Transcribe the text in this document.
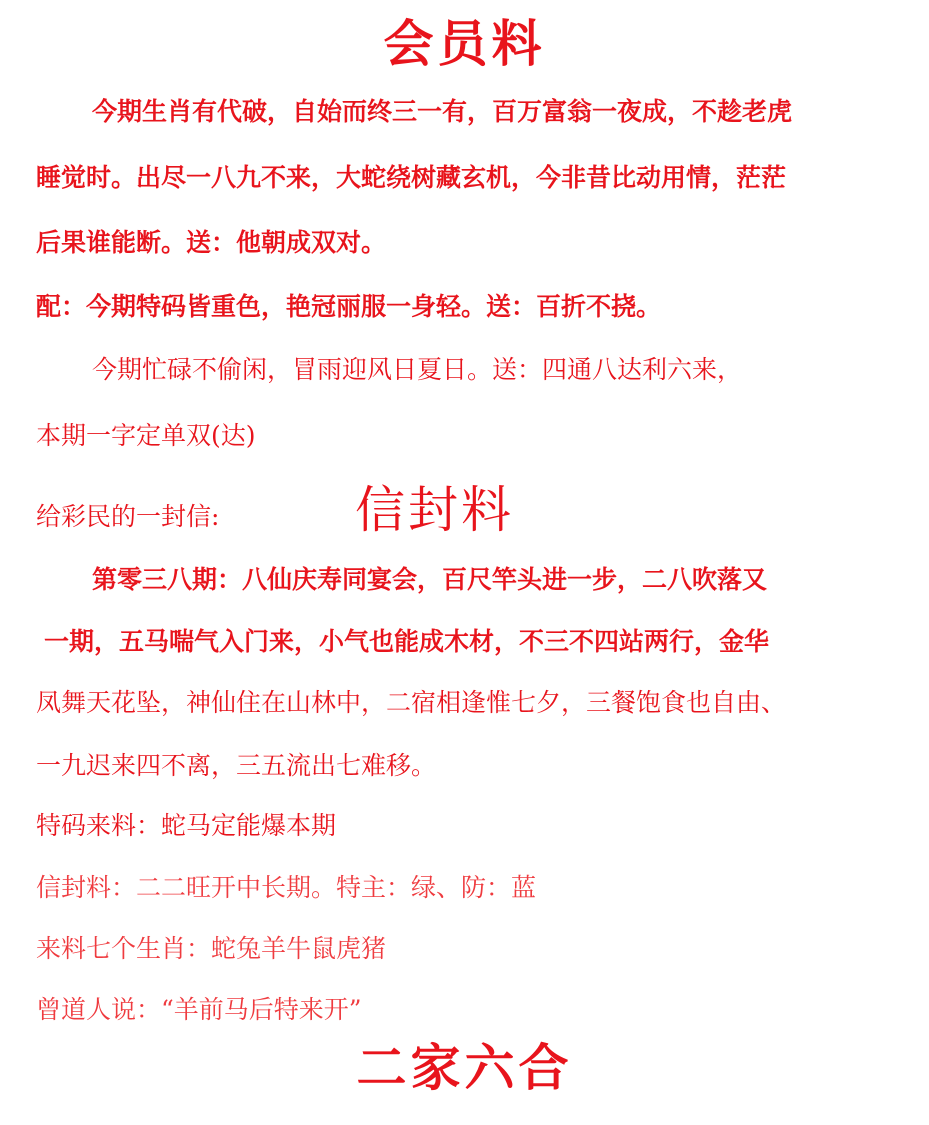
会员料
今期生肖有代破，自始而终三一有，百万富翁一夜成，不趁老虎
睡觉时。出尽一八九不来，大蛇绕树藏玄机，今非昔比动用情，茫茫
后果谁能断。送：他朝成双对。
配：今期特码皆重色，艳冠丽服一身轻。送：百折不挠。
今期忙碌不偷闲，冒雨迎风日夏日。送：四通八达利六来，
本期一字定单双(达)
给彩民的一封信:	信封料
第零三八期：八仙庆寿同宴会，百尺竿头进一步，二八吹落又
一期，五马喘气入门来，小气也能成木材，不三不四站两行，金华
凤舞天花坠，神仙住在山林中，二宿相逢惟七夕，三餐饱食也自由、
一九迟来四不离，三五流出七难移。
特码来料：蛇马定能爆本期
信封料：二二旺开中长期。特主：绿、防：蓝
来料七个生肖：蛇兔羊牛鼠虎猪
曾道人说：“羊前马后特来开”
二家六合
